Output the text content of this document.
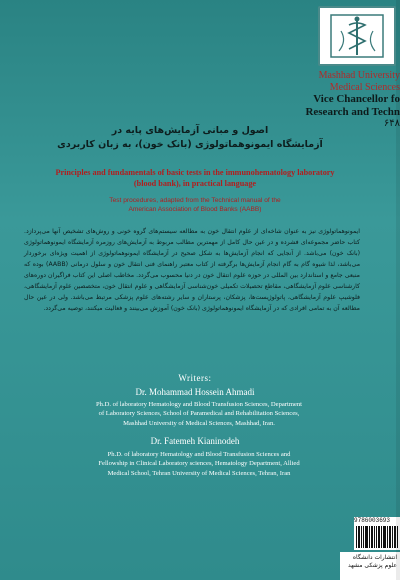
Mashhad University
Medical Sciences
Vice Chancellor fo
Research and Techn
۶۴۸
اصول و مبانی آزمایش‌های پایه در
آزمایشگاه ایمونوهماتولوژی (بانک خون)، به زبان کاربردی
Principles and fundamentals of basic tests in the immunohematology laboratory
(blood bank), in practical language
Test procedures, adapted from the Technical manual of the
American Association of Blood Banks (AABB)
ایمونوهماتولوژی نیز به عنوان شاخه‌ای از علوم انتقال خون به مطالعه سیستم‌های گروه خونی و روش‌های تشخیص آنها می‌پردازد. کتاب حاضر مجموعه‌ای فشرده و در عین حال کامل از مهمترین مطالب مربوط به آزمایش‌های روزمره آزمایشگاه ایمونوهماتولوژی (بانک خون) می‌باشد. از آنجایی که انجام آزمایش‌ها به شکل صحیح در آزمایشگاه ایمونوهماتولوژی از اهمیت ویژه‌ای برخوردار می‌باشد، لذا شیوه گام به گام انجام آزمایش‌ها برگرفته از کتاب معتبر راهنمای فنی انتقال خون و سلول درمانی (AABB) بوده که منبعی جامع و استاندارد بین المللی در حوزه علوم انتقال خون در دنیا محسوب می‌گردد. مخاطب اصلی این کتاب فراگیران دوره‌های کارشناسی علوم آزمایشگاهی، مقاطع تحصیلات تکمیلی خون‌شناسی آزمایشگاهی و علوم انتقال خون، متخصصین علوم آزمایشگاهی، فلوشیپ علوم آزمایشگاهی، پاتولوژیست‌ها، پزشکان، پرستاران و سایر رشته‌های علوم پزشکی مرتبط می‌باشد. ولی در عین حال مطالعه آن به تمامی افرادی که در آزمایشگاه ایمونوهماتولوژی (بانک خون) آموزش می‌بینند و فعالیت میکنند، توصیه می‌گردد.
Writers:
Dr. Mohammad Hossein Ahmadi
Ph.D. of laboratory Hematology and Blood Transfusion Sciences, Department
of Laboratory Sciences, School of Paramedical and Rehabilitation Sciences,
Mashhad University of Medical Sciences, Mashhad, Iran.
Dr. Fatemeh Kianinodeh
Ph.D. of laboratory Hematology and Blood Transfusion Sciences and
Fellowship in Clinical Laboratory sciences, Hematology Department, Allied
Medical School, Tehran University of Medical Sciences, Tehran, Iran
9786003693
انتشارات دانشگاه
علوم پزشکی مشهد
